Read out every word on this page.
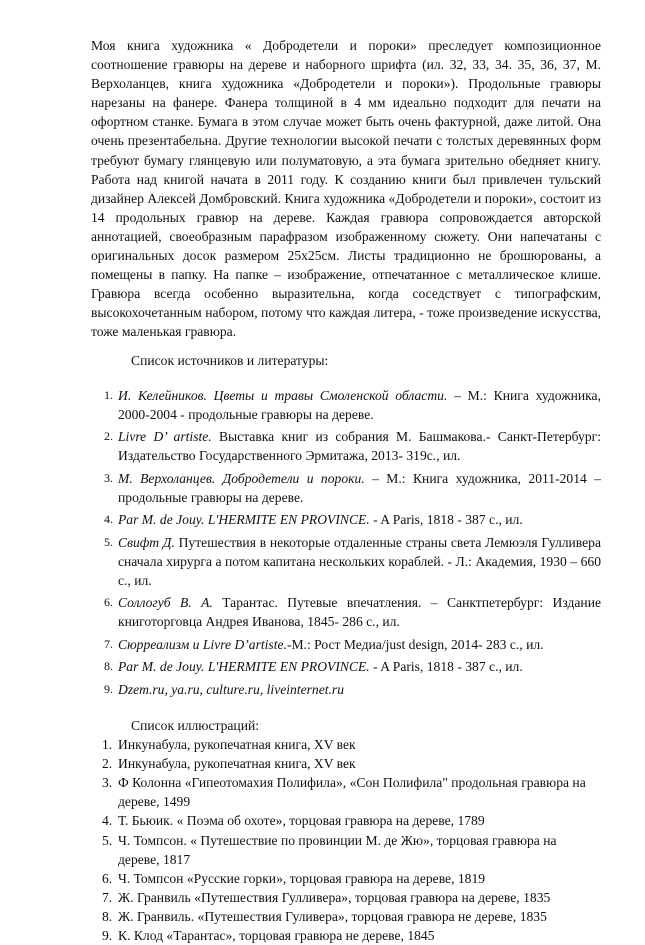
Моя книга художника « Добродетели и пороки» преследует композиционное соотношение гравюры на дереве и наборного шрифта (ил. 32, 33, 34. 35, 36, 37, М. Верхоланцев, книга художника «Добродетели и пороки»). Продольные гравюры нарезаны на фанере. Фанера толщиной в 4 мм идеально подходит для печати на офортном станке. Бумага в этом случае может быть очень фактурной, даже литой. Она очень презентабельна. Другие технологии высокой печати с толстых деревянных форм требуют бумагу глянцевую или полуматовую, а эта бумага зрительно обедняет книгу. Работа над книгой начата в 2011 году. К созданию книги был привлечен тульский дизайнер Алексей Домбровский. Книга художника «Добродетели и пороки», состоит из 14 продольных гравюр на дереве. Каждая гравюра сопровождается авторской аннотацией, своеобразным парафразом изображенному сюжету. Они напечатаны с оригинальных досок размером 25х25см. Листы традиционно не брошюрованы, а помещены в папку. На папке – изображение, отпечатанное с металлическое клише. Гравюра всегда особенно выразительна, когда соседствует с типографским, высокохочетанным набором, потому что каждая литера, - тоже произведение искусства, тоже маленькая гравюра.

Список источников и литературы:

1. И. Келейников. Цветы и травы Смоленской области. – М.: Книга художника, 2000-2004 - продольные гравюры на дереве.
2. Livre D’ artiste. Выставка книг из собрания М. Башмакова.- Санкт-Петербург: Издательство Государственного Эрмитажа, 2013- 319с., ил.
3. М. Верхоланцев. Добродетели и пороки. – М.: Книга художника, 2011-2014 – продольные гравюры на дереве.
4. Par M. de Jouy. L'HERMITE EN PROVINCE. - A Paris, 1818 - 387 с., ил.
5. Свифт Д. Путешествия в некоторые отдаленные страны света Лемюэля Гулливера сначала хирурга а потом капитана нескольких кораблей. - Л.: Академия, 1930 – 660 с., ил.
6. Соллогуб В. А. Тарантас. Путевые впечатления. – Санктпетербург: Издание книготорговца Андрея Иванова, 1845- 286 с., ил.
7. Сюрреализм и Livre D’artiste.-М.: Рост Медиа/just design, 2014- 283 с., ил.
8. Par M. de Jouy. L'HERMITE EN PROVINCE. - A Paris, 1818 - 387 с., ил.
9. Dzem.ru, ya.ru, culture.ru, liveinternet.ru

Список иллюстраций:

1. Инкунабула, рукопечатная книга, XV век
2. Инкунабула, рукопечатная книга, XV век
3. Ф Колонна «Гипеотомахия Полифила», «Сон Полифила" продольная гравюра на дереве, 1499
4. Т. Бьюик. « Поэма об охоте», торцовая гравюра на дереве, 1789
5. Ч. Томпсон. « Путешествие по провинции М. де Жю», торцовая гравюра на дереве, 1817
6. Ч. Томпсон «Русские горки», торцовая гравюра на дереве, 1819
7. Ж. Гранвиль «Путешествия Гулливера», торцовая гравюра на дереве, 1835
8. Ж. Гранвиль. «Путешествия Гуливера», торцовая гравюра не дереве, 1835
9. К. Клод «Тарантас», торцовая гравюра не дереве, 1845
